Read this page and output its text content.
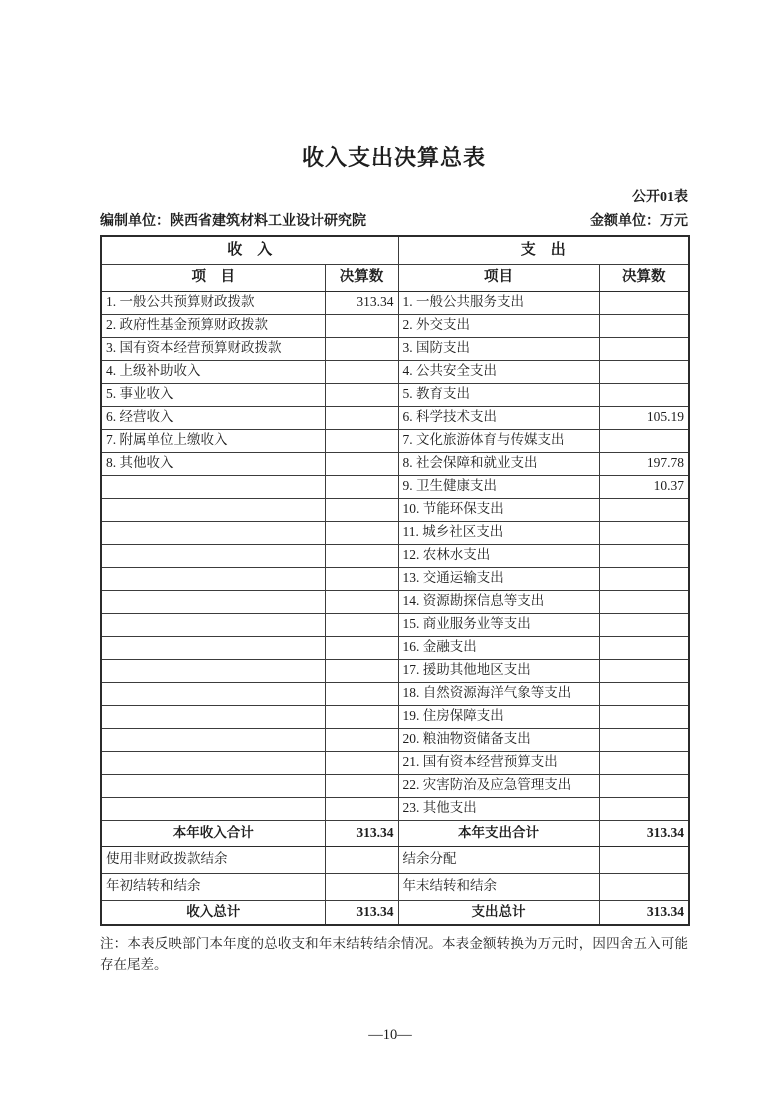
收入支出决算总表
公开01表
编制单位：陕西省建筑材料工业设计研究院	金额单位：万元
收　入		支　出	
项　目	决算数	项目	决算数
1. 一般公共预算财政拨款	313.34	1. 一般公共服务支出	
2. 政府性基金预算财政拨款		2. 外交支出	
3. 国有资本经营预算财政拨款		3. 国防支出	
4. 上级补助收入		4. 公共安全支出	
5. 事业收入		5. 教育支出	
6. 经营收入		6. 科学技术支出	105.19
7. 附属单位上缴收入		7. 文化旅游体育与传媒支出	
8. 其他收入		8. 社会保障和就业支出	197.78
		9. 卫生健康支出	10.37
		10. 节能环保支出	
		11. 城乡社区支出	
		12. 农林水支出	
		13. 交通运输支出	
		14. 资源勘探信息等支出	
		15. 商业服务业等支出	
		16. 金融支出	
		17. 援助其他地区支出	
		18. 自然资源海洋气象等支出	
		19. 住房保障支出	
		20. 粮油物资储备支出	
		21. 国有资本经营预算支出	
		22. 灾害防治及应急管理支出	
		23. 其他支出	
本年收入合计	313.34	本年支出合计	313.34
使用非财政拨款结余		结余分配	
年初结转和结余		年末结转和结余	
收入总计	313.34	支出总计	313.34
注：本表反映部门本年度的总收支和年末结转结余情况。本表金额转换为万元时，因四舍五入可能存在尾差。
—10—
